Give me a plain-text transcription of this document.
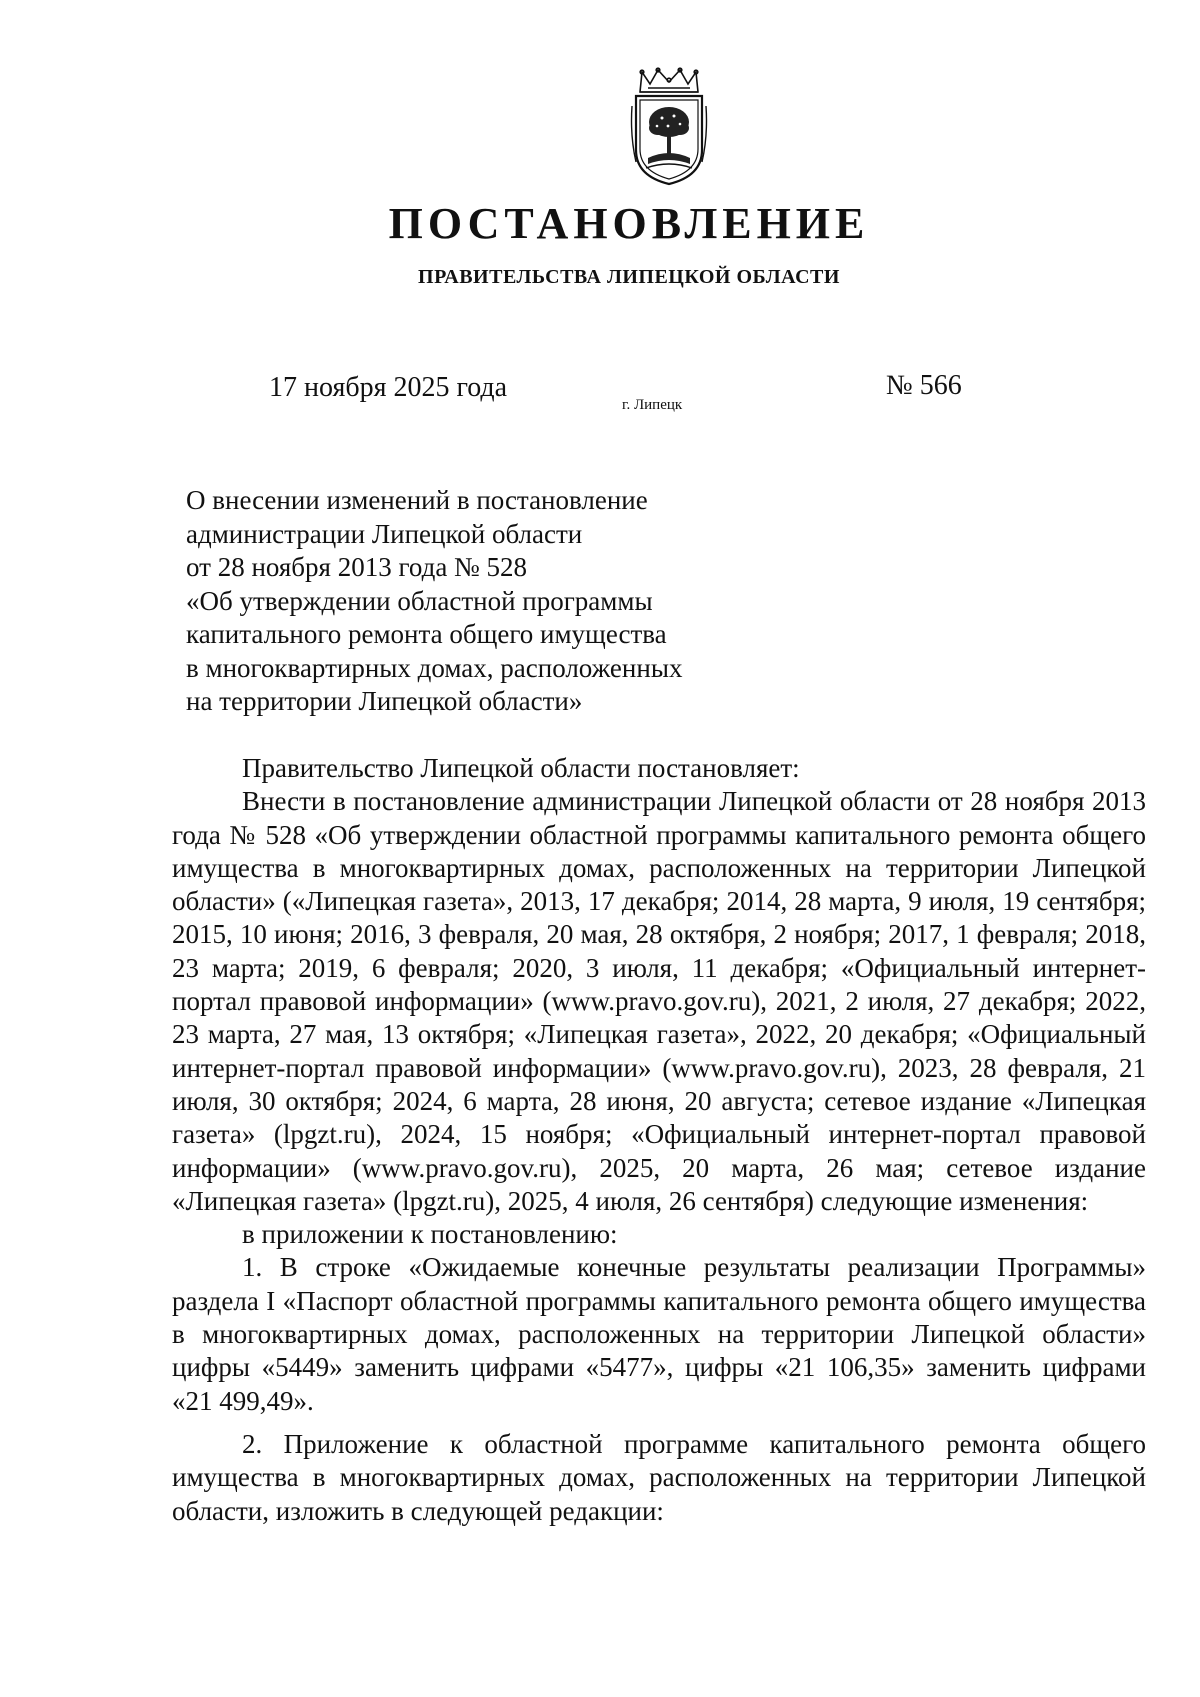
ПОСТАНОВЛЕНИЕ
ПРАВИТЕЛЬСТВА ЛИПЕЦКОЙ ОБЛАСТИ
17 ноября 2025 года
г. Липецк
№ 566
О внесении изменений в постановление
администрации Липецкой области
от 28 ноября 2013 года № 528
«Об утверждении областной программы
капитального ремонта общего имущества
в многоквартирных домах, расположенных
на территории Липецкой области»

Правительство Липецкой области постановляет:

Внести в постановление администрации Липецкой области от 28 ноября 2013 года № 528 «Об утверждении областной программы капитального ремонта общего имущества в многоквартирных домах, расположенных на территории Липецкой области» («Липецкая газета», 2013, 17 декабря; 2014, 28 марта, 9 июля, 19 сентября; 2015, 10 июня; 2016, 3 февраля, 20 мая, 28 октября, 2 ноября; 2017, 1 февраля; 2018, 23 марта; 2019, 6 февраля; 2020, 3 июля, 11 декабря; «Официальный интернет-портал правовой информации» (www.pravo.gov.ru), 2021, 2 июля, 27 декабря; 2022, 23 марта, 27 мая, 13 октября; «Липецкая газета», 2022, 20 декабря; «Официальный интернет-портал правовой информации» (www.pravo.gov.ru), 2023, 28 февраля, 21 июля, 30 октября; 2024, 6 марта, 28 июня, 20 августа; сетевое издание «Липецкая газета» (lpgzt.ru), 2024, 15 ноября; «Официальный интернет-портал правовой информации» (www.pravo.gov.ru), 2025, 20 марта, 26 мая; сетевое издание «Липецкая газета» (lpgzt.ru), 2025, 4 июля, 26 сентября) следующие изменения:

в приложении к постановлению:

1. В строке «Ожидаемые конечные результаты реализации Программы» раздела I «Паспорт областной программы капитального ремонта общего имущества в многоквартирных домах, расположенных на территории Липецкой области» цифры «5449» заменить цифрами «5477», цифры «21 106,35» заменить цифрами «21 499,49».

2. Приложение к областной программе капитального ремонта общего имущества в многоквартирных домах, расположенных на территории Липецкой области, изложить в следующей редакции:
